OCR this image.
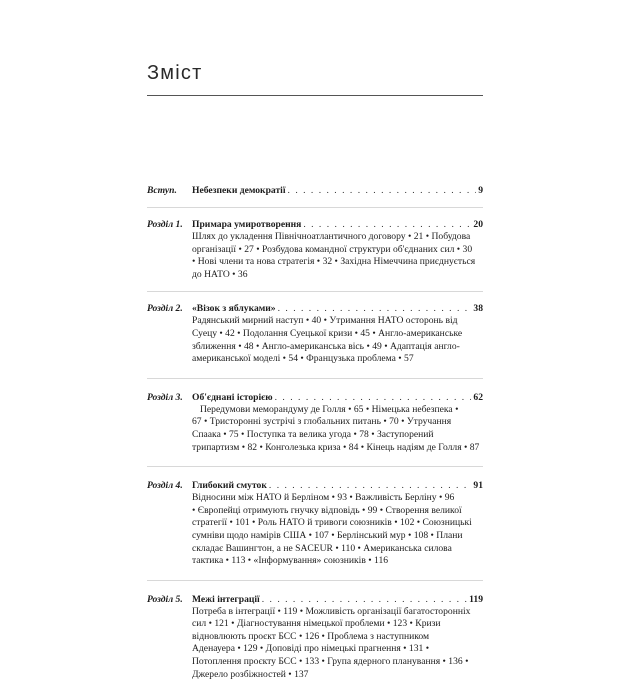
Зміст
Вступ.	Небезпеки демократії . . .	9
Розділ 1. Примара умиротворення . . .	20
Шлях до укладення Північноатлантичного договору • 21 • Побудова
організації • 27 • Розбудова командної структури об'єднаних сил • 30
• Нові члени та нова стратегія • 32 • Західна Німеччина приєднується
до НАТО • 36
Розділ 2. «Візок з яблуками» . . .	38
Радянський мирний наступ • 40 • Утримання НАТО осторонь від
Суецу • 42 • Подолання Суецької кризи • 45 • Англо-американське
зближення • 48 • Англо-американська вісь • 49 • Адаптація англо-
американської моделі • 54 • Французька проблема • 57
Розділ 3. Об'єднані історією . . .	62
Передумови меморандуму де Голля • 65 • Німецька небезпека •
67 • Тристоронні зустрічі з глобальних питань • 70 • Утручання
Спаака • 75 • Поступка та велика угода • 78 • Заступорений
трипартизм • 82 • Конголезька криза • 84 • Кінець надіям де Голля • 87
Розділ 4. Глибокий смуток . . .	91
Відносини між НАТО й Берліном • 93 • Важливість Берліну • 96
• Європейці отримують гнучку відповідь • 99 • Створення великої
стратегії • 101 • Роль НАТО й тривоги союзників • 102 • Союзницькі
сумніви щодо намірів США • 107 • Берлінський мур • 108 • Плани
складає Вашингтон, а не SACEUR • 110 • Американська силова
тактика • 113 • «Інформування» союзників • 116
Розділ 5. Межі інтеграції . . .	119
Потреба в інтеграції • 119 • Можливість організації багатосторонніх
сил • 121 • Діагностування німецької проблеми • 123 • Кризи
відновлюють проєкт БСС • 126 • Проблема з наступником
Аденауера • 129 • Доповіді про німецькі прагнення • 131 •
Потоплення проєкту БСС • 133 • Група ядерного планування • 136 •
Джерело розбіжностей • 137
